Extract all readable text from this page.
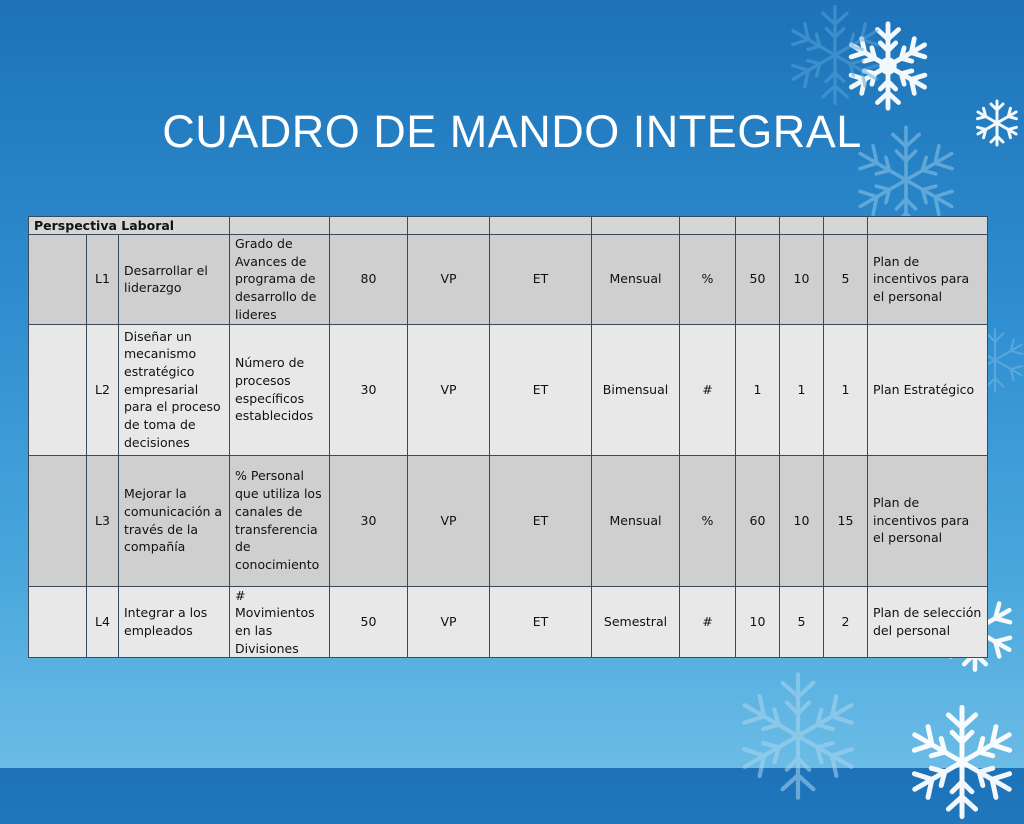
CUADRO DE MANDO INTEGRAL
Perspectiva Laboral												
	L1	Desarrollar el liderazgo	Grado de Avances de programa de desarrollo de lideres	80	VP	ET	Mensual	%	50	10	5	Plan de incentivos para el personal
	L2	Diseñar un mecanismo estratégico empresarial para el proceso de toma de decisiones	Número de procesos específicos establecidos	30	VP	ET	Bimensual	#	1	1	1	Plan Estratégico
	L3	Mejorar la comunicación a través de la compañía	% Personal que utiliza los canales de transferencia de conocimiento	30	VP	ET	Mensual	%	60	10	15	Plan de incentivos para el personal
	L4	Integrar a los empleados	# Movimientos en las Divisiones	50	VP	ET	Semestral	#	10	5	2	Plan de selección del personal
